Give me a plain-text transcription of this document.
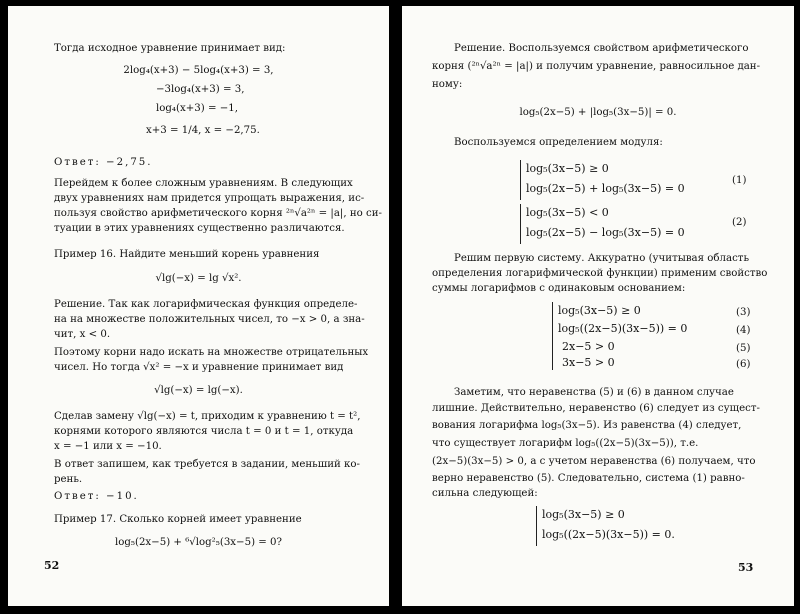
Тогда исходное уравнение принимает вид:
2log₄(x+3) − 5log₄(x+3) = 3,
−3log₄(x+3) = 3,
log₄(x+3) = −1,
x+3 = 1/4, x = −2,75.
Ответ: −2,75.
Перейдем к более сложным уравнениям. В следующих
двух уравнениях нам придется упрощать выражения, ис-
пользуя свойство арифметического корня ²ⁿ√a²ⁿ = |a|, но си-
туации в этих уравнениях существенно различаются.
Пример 16. Найдите меньший корень уравнения
√lg(−x) = lg √x².
Решение. Так как логарифмическая функция определе-
на на множестве положительных чисел, то −x > 0, а зна-
чит, x < 0.
Поэтому корни надо искать на множестве отрицательных
чисел. Но тогда √x² = −x и уравнение принимает вид
√lg(−x) = lg(−x).
Сделав замену √lg(−x) = t, приходим к уравнению t = t²,
корнями которого являются числа t = 0 и t = 1, откуда
x = −1 или x = −10.
В ответ запишем, как требуется в задании, меньший ко-
рень.
Ответ: −10.
Пример 17. Сколько корней имеет уравнение
log₅(2x−5) + ⁶√log²₅(3x−5) = 0?
52
Решение. Воспользуемся свойством арифметического
корня (²ⁿ√a²ⁿ = |a|) и получим уравнение, равносильное дан-
ному:
log₅(2x−5) + |log₅(3x−5)| = 0.
Воспользуемся определением модуля:
log₅(3x−5) ≥ 0
log₅(2x−5) + log₅(3x−5) = 0
(1)
log₅(3x−5) < 0
log₅(2x−5) − log₅(3x−5) = 0
(2)
Решим первую систему. Аккуратно (учитывая область
определения логарифмической функции) применим свойство
суммы логарифмов с одинаковым основанием:
log₅(3x−5) ≥ 0	(3)
log₅((2x−5)(3x−5)) = 0	(4)
2x−5 > 0	(5)
3x−5 > 0	(6)
Заметим, что неравенства (5) и (6) в данном случае
лишние. Действительно, неравенство (6) следует из сущест-
вования логарифма log₅(3x−5). Из равенства (4) следует,
что существует логарифм log₅((2x−5)(3x−5)), т.е.
(2x−5)(3x−5) > 0, а с учетом неравенства (6) получаем, что
верно неравенство (5). Следовательно, система (1) равно-
сильна следующей:
log₅(3x−5) ≥ 0
log₅((2x−5)(3x−5)) = 0.
53
